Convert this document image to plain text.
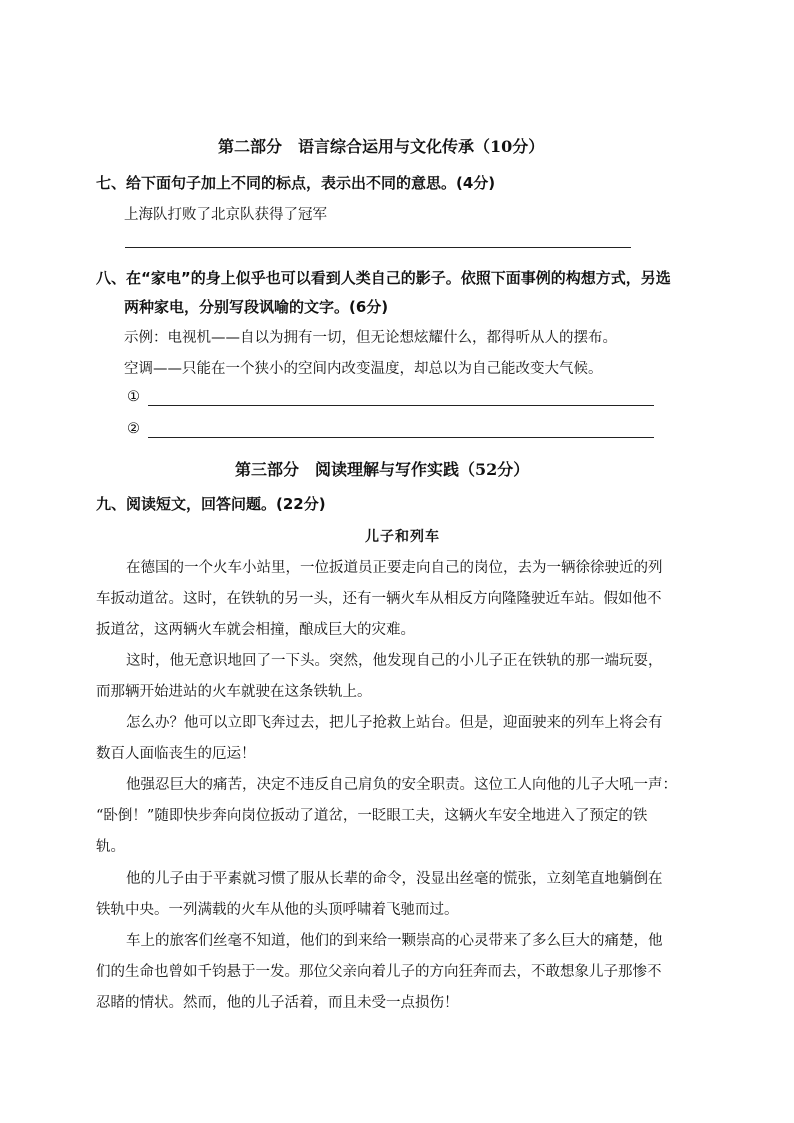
第二部分　语言综合运用与文化传承（10分）
七、给下面句子加上不同的标点，表示出不同的意思。(4分)
上海队打败了北京队获得了冠军
八、在“家电”的身上似乎也可以看到人类自己的影子。依照下面事例的构想方式，另选
两种家电，分别写段讽喻的文字。(6分)
示例：电视机——自以为拥有一切，但无论想炫耀什么，都得听从人的摆布。
空调——只能在一个狭小的空间内改变温度，却总以为自己能改变大气候。
①
②
第三部分　阅读理解与写作实践（52分）
九、阅读短文，回答问题。(22分)
儿子和列车
在德国的一个火车小站里，一位扳道员正要走向自己的岗位，去为一辆徐徐驶近的列
车扳动道岔。这时，在铁轨的另一头，还有一辆火车从相反方向隆隆驶近车站。假如他不
扳道岔，这两辆火车就会相撞，酿成巨大的灾难。
这时，他无意识地回了一下头。突然，他发现自己的小儿子正在铁轨的那一端玩耍，
而那辆开始进站的火车就驶在这条铁轨上。
怎么办？他可以立即飞奔过去，把儿子抢救上站台。但是，迎面驶来的列车上将会有
数百人面临丧生的厄运！
他强忍巨大的痛苦，决定不违反自己肩负的安全职责。这位工人向他的儿子大吼一声：
“卧倒！”随即快步奔向岗位扳动了道岔，一眨眼工夫，这辆火车安全地进入了预定的铁
轨。
他的儿子由于平素就习惯了服从长辈的命令，没显出丝毫的慌张，立刻笔直地躺倒在
铁轨中央。一列满载的火车从他的头顶呼啸着飞驰而过。
车上的旅客们丝毫不知道，他们的到来给一颗崇高的心灵带来了多么巨大的痛楚，他
们的生命也曾如千钧悬于一发。那位父亲向着儿子的方向狂奔而去，不敢想象儿子那惨不
忍睹的情状。然而，他的儿子活着，而且未受一点损伤！
